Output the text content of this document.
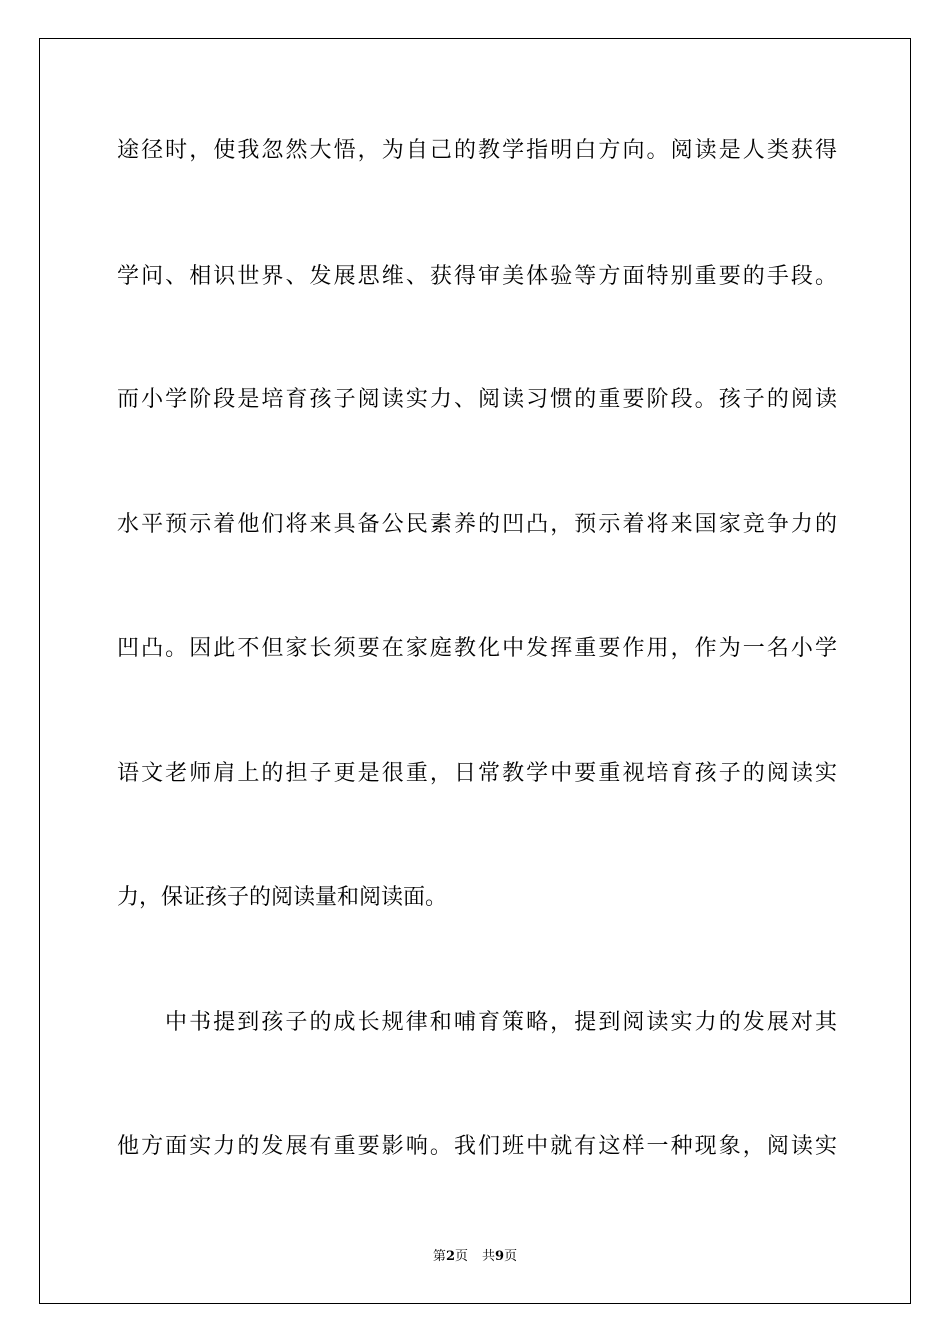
途径时，使我忽然大悟，为自己的教学指明白方向。阅读是人类获得
学问、相识世界、发展思维、获得审美体验等方面特别重要的手段。
而小学阶段是培育孩子阅读实力、阅读习惯的重要阶段。孩子的阅读
水平预示着他们将来具备公民素养的凹凸，预示着将来国家竞争力的
凹凸。因此不但家长须要在家庭教化中发挥重要作用，作为一名小学
语文老师肩上的担子更是很重，日常教学中要重视培育孩子的阅读实
力，保证孩子的阅读量和阅读面。
中书提到孩子的成长规律和哺育策略，提到阅读实力的发展对其
他方面实力的发展有重要影响。我们班中就有这样一种现象，阅读实
第2页 共9页
